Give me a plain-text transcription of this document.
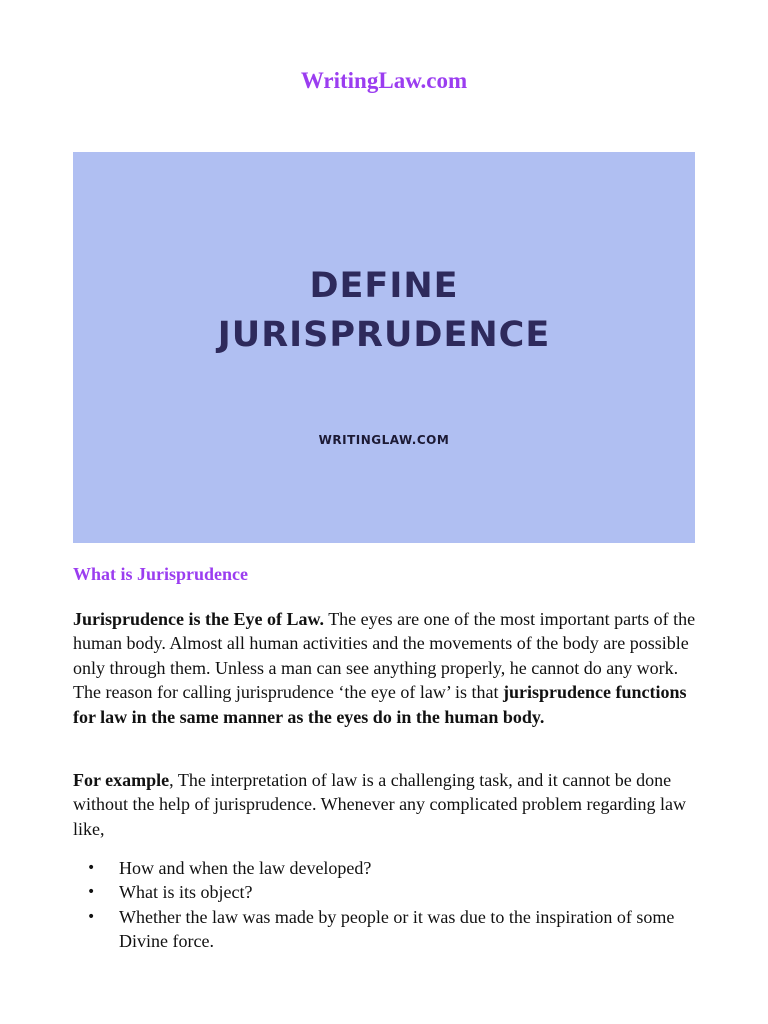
WritingLaw.com
DEFINE
JURISPRUDENCE
WRITINGLAW.COM
What is Jurisprudence

Jurisprudence is the Eye of Law. The eyes are one of the most important parts of the human body. Almost all human activities and the movements of the body are possible only through them. Unless a man can see anything properly, he cannot do any work. The reason for calling jurisprudence ‘the eye of law’ is that jurisprudence functions for law in the same manner as the eyes do in the human body.

For example, The interpretation of law is a challenging task, and it cannot be done without the help of jurisprudence. Whenever any complicated problem regarding law like,

• How and when the law developed?
• What is its object?
• Whether the law was made by people or it was due to the inspiration of some Divine force.
